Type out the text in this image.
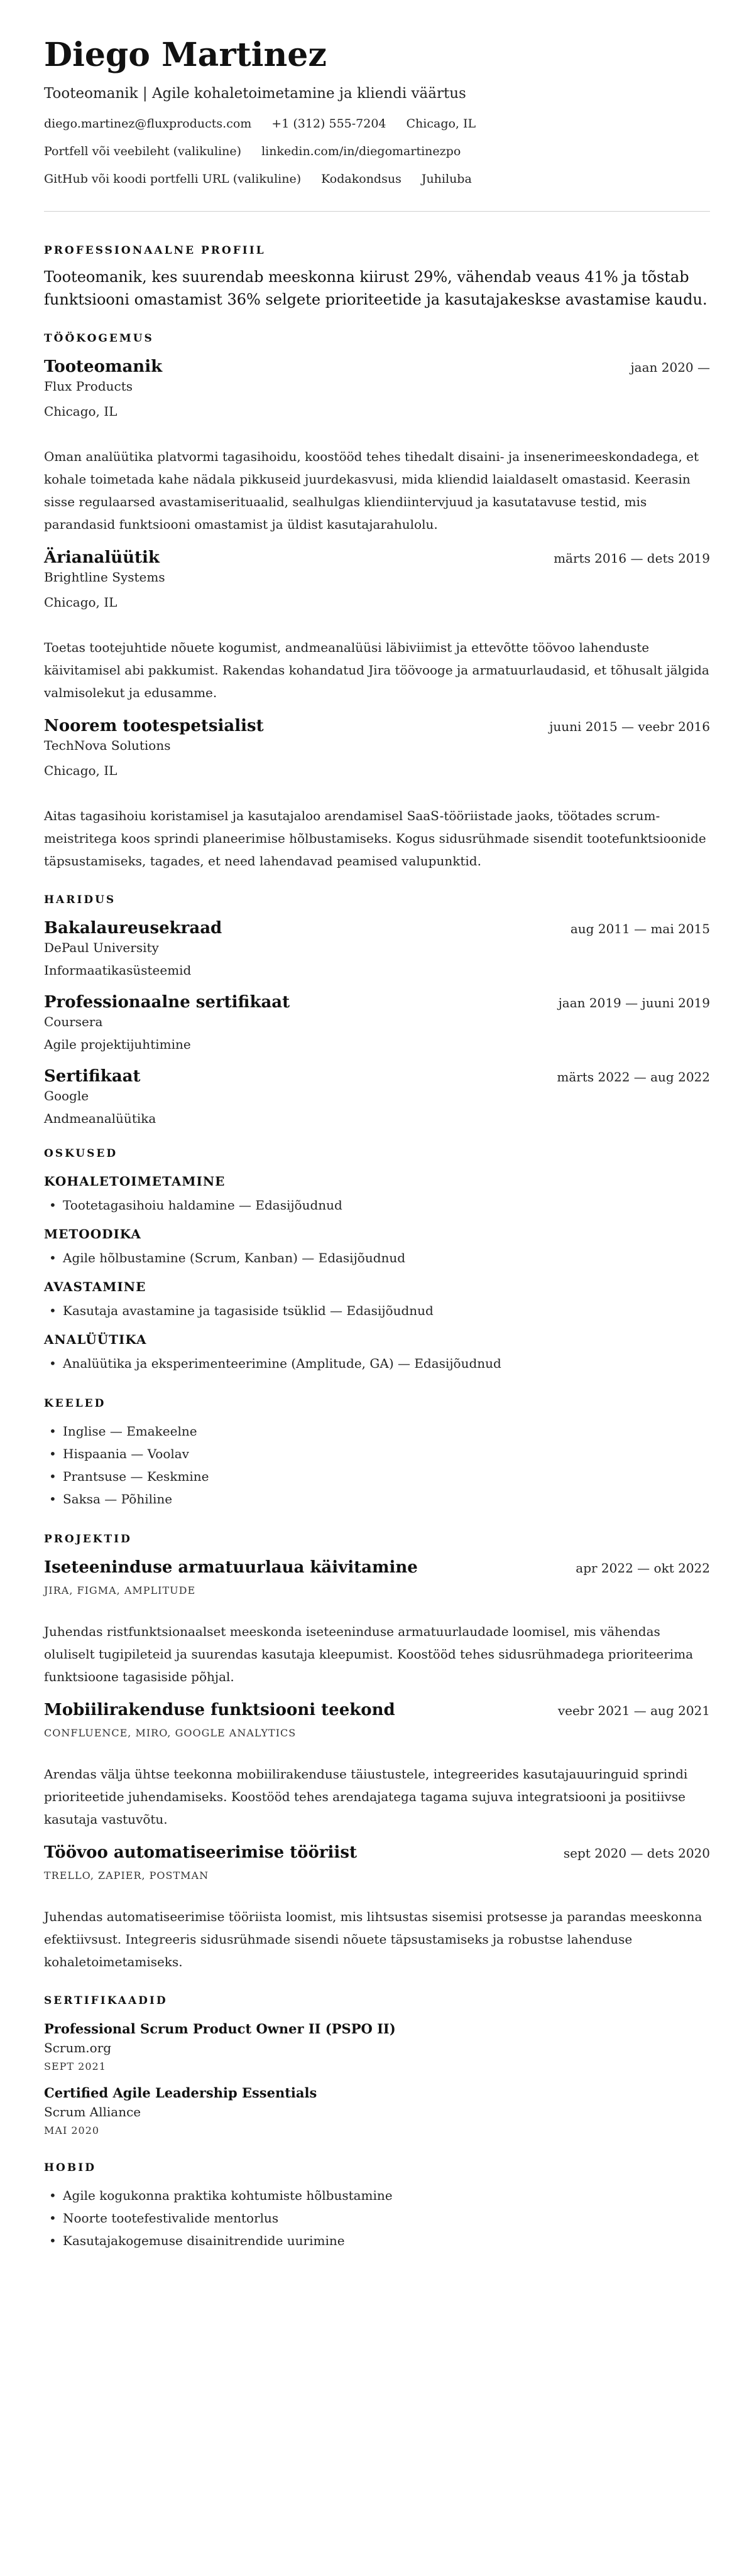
Diego Martinez
Tooteomanik | Agile kohaletoimetamine ja kliendi väärtus
diego.martinez@fluxproducts.com +1 (312) 555-7204 Chicago, IL
Portfell või veebileht (valikuline) linkedin.com/in/diegomartinezpo
GitHub või koodi portfelli URL (valikuline) Kodakondsus Juhiluba
PROFESSIONAALNE PROFIIL
Tooteomanik, kes suurendab meeskonna kiirust 29%, vähendab veaus 41% ja tõstab funktsiooni omastamist 36% selgete prioriteetide ja kasutajakeskse avastamise kaudu.
TÖÖKOGEMUS
Tooteomanik	jaan 2020 —
Flux Products
Chicago, IL
Oman analüütika platvormi tagasihoidu, koostööd tehes tihedalt disaini- ja insenerimeeskondadega, et kohale toimetada kahe nädala pikkuseid juurdekasvusi, mida kliendid laialdaselt omastasid. Keerasin sisse regulaarsed avastamiserituaalid, sealhulgas kliendiintervjuud ja kasutatavuse testid, mis parandasid funktsiooni omastamist ja üldist kasutajarahulolu.
Ärianalüütik	märts 2016 — dets 2019
Brightline Systems
Chicago, IL
Toetas tootejuhtide nõuete kogumist, andmeanalüüsi läbiviimist ja ettevõtte töövoo lahenduste käivitamisel abi pakkumist. Rakendas kohandatud Jira töövooge ja armatuurlaudasid, et tõhusalt jälgida valmisolekut ja edusamme.
Noorem tootespetsialist	juuni 2015 — veebr 2016
TechNova Solutions
Chicago, IL
Aitas tagasihoiu koristamisel ja kasutajaloo arendamisel SaaS-tööriistade jaoks, töötades scrum-meistritega koos sprindi planeerimise hõlbustamiseks. Kogus sidusrühmade sisendit tootefunktsioonide täpsustamiseks, tagades, et need lahendavad peamised valupunktid.
HARIDUS
Bakalaureusekraad	aug 2011 — mai 2015
DePaul University
Informaatikasüsteemid
Professionaalne sertifikaat	jaan 2019 — juuni 2019
Coursera
Agile projektijuhtimine
Sertifikaat	märts 2022 — aug 2022
Google
Andmeanalüütika
OSKUSED
KOHALETOIMETAMINE
• Tootetagasihoiu haldamine — Edasijõudnud
METOODIKA
• Agile hõlbustamine (Scrum, Kanban) — Edasijõudnud
AVASTAMINE
• Kasutaja avastamine ja tagasiside tsüklid — Edasijõudnud
ANALÜÜTIKA
• Analüütika ja eksperimenteerimine (Amplitude, GA) — Edasijõudnud
KEELED
• Inglise — Emakeelne
• Hispaania — Voolav
• Prantsuse — Keskmine
• Saksa — Põhiline
PROJEKTID
Iseteeninduse armatuurlaua käivitamine	apr 2022 — okt 2022
JIRA, FIGMA, AMPLITUDE
Juhendas ristfunktsionaalset meeskonda iseteeninduse armatuurlaudade loomisel, mis vähendas oluliselt tugipileteid ja suurendas kasutaja kleepumist. Koostööd tehes sidusrühmadega prioriteerima funktsioone tagasiside põhjal.
Mobiilirakenduse funktsiooni teekond	veebr 2021 — aug 2021
CONFLUENCE, MIRO, GOOGLE ANALYTICS
Arendas välja ühtse teekonna mobiilirakenduse täiustustele, integreerides kasutajauuringuid sprindi prioriteetide juhendamiseks. Koostööd tehes arendajatega tagama sujuva integratsiooni ja positiivse kasutaja vastuvõtu.
Töövoo automatiseerimise tööriist	sept 2020 — dets 2020
TRELLO, ZAPIER, POSTMAN
Juhendas automatiseerimise tööriista loomist, mis lihtsustas sisemisi protsesse ja parandas meeskonna efektiivsust. Integreeris sidusrühmade sisendi nõuete täpsustamiseks ja robustse lahenduse kohaletoimetamiseks.
SERTIFIKAADID
Professional Scrum Product Owner II (PSPO II)
Scrum.org
SEPT 2021
Certified Agile Leadership Essentials
Scrum Alliance
MAI 2020
HOBID
• Agile kogukonna praktika kohtumiste hõlbustamine
• Noorte tootefestivalide mentorlus
• Kasutajakogemuse disainitrendide uurimine
